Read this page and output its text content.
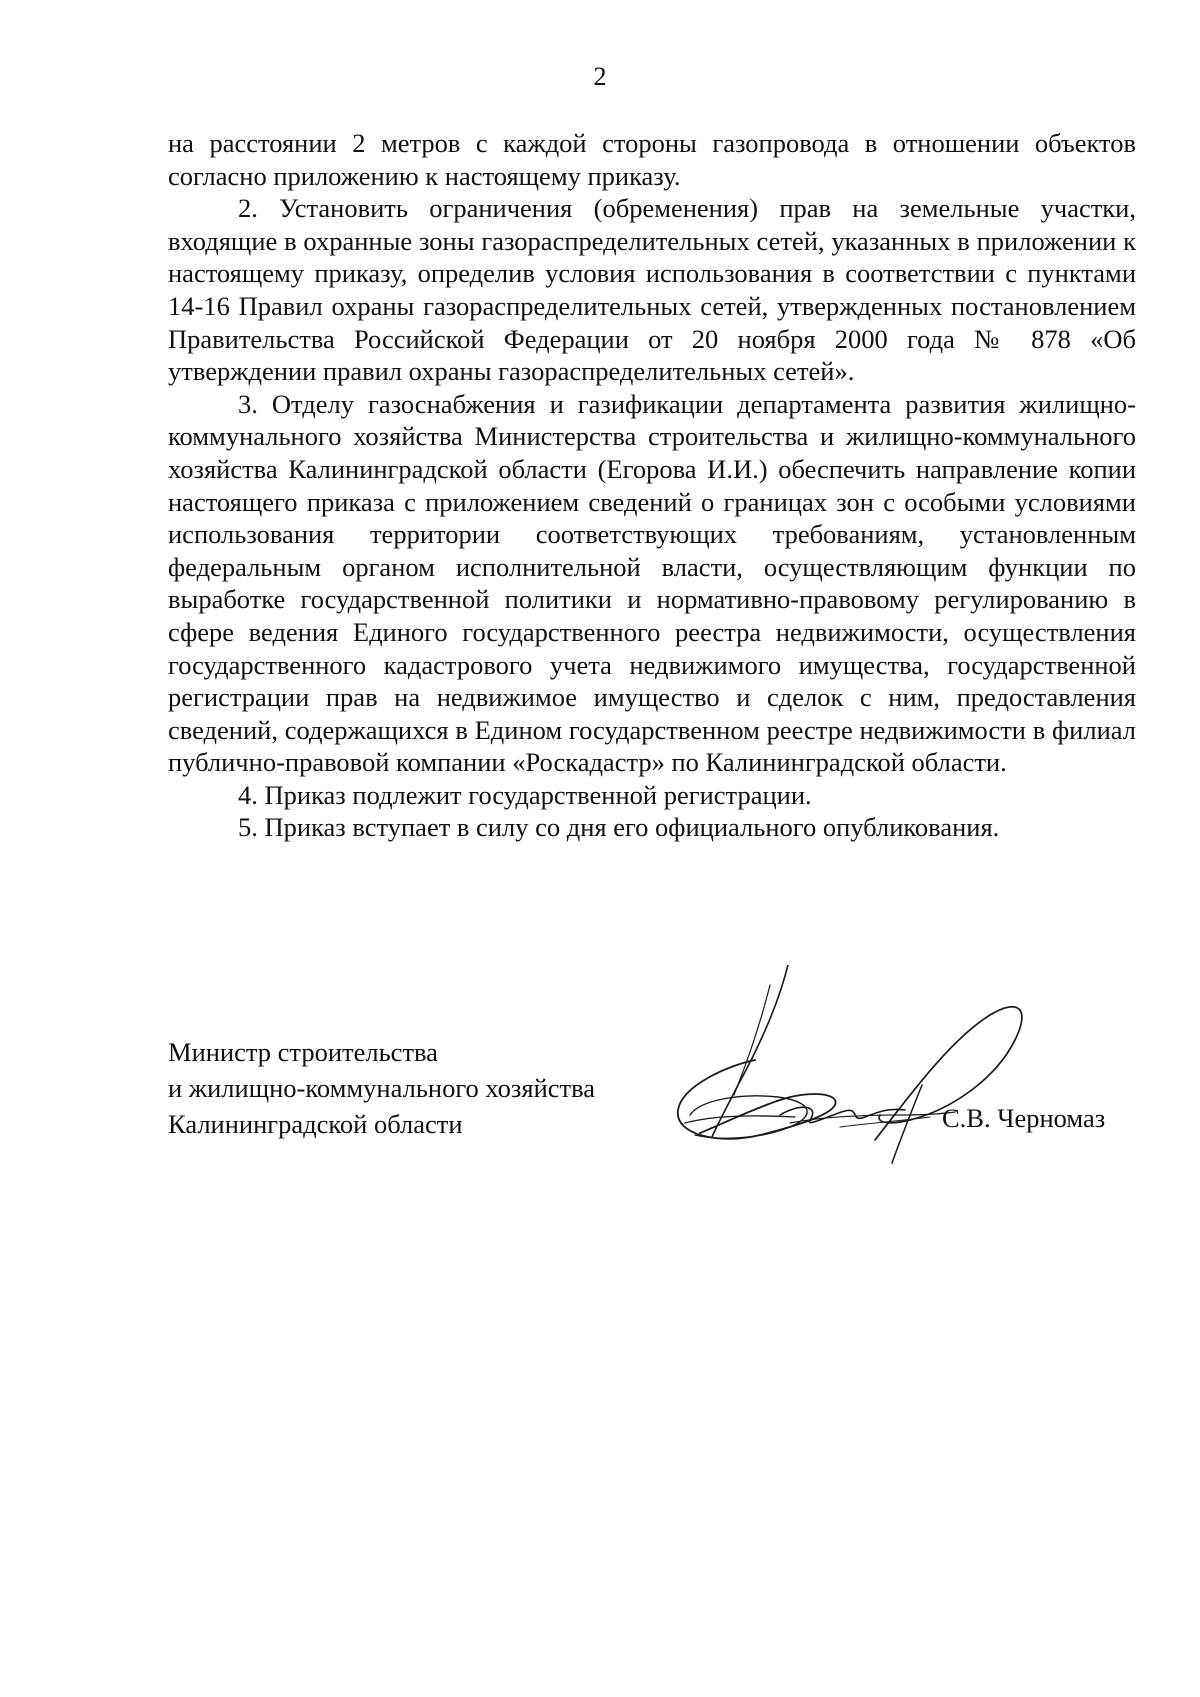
2

на расстоянии 2 метров с каждой стороны газопровода в отношении объектов согласно приложению к настоящему приказу.

2. Установить ограничения (обременения) прав на земельные участки, входящие в охранные зоны газораспределительных сетей, указанных в приложении к настоящему приказу, определив условия использования в соответствии с пунктами 14-16 Правил охраны газораспределительных сетей, утвержденных постановлением Правительства Российской Федерации от 20 ноября 2000 года № 878 «Об утверждении правил охраны газораспределительных сетей».

3. Отделу газоснабжения и газификации департамента развития жилищно-коммунального хозяйства Министерства строительства и жилищно-коммунального хозяйства Калининградской области (Егорова И.И.) обеспечить направление копии настоящего приказа с приложением сведений о границах зон с особыми условиями использования территории соответствующих требованиям, установленным федеральным органом исполнительной власти, осуществляющим функции по выработке государственной политики и нормативно-правовому регулированию в сфере ведения Единого государственного реестра недвижимости, осуществления государственного кадастрового учета недвижимого имущества, государственной регистрации прав на недвижимое имущество и сделок с ним, предоставления сведений, содержащихся в Едином государственном реестре недвижимости в филиал публично-правовой компании «Роскадастр» по Калининградской области.

4. Приказ подлежит государственной регистрации.

5. Приказ вступает в силу со дня его официального опубликования.

Министр строительства
и жилищно-коммунального хозяйства
Калининградской области	С.В. Черномаз
